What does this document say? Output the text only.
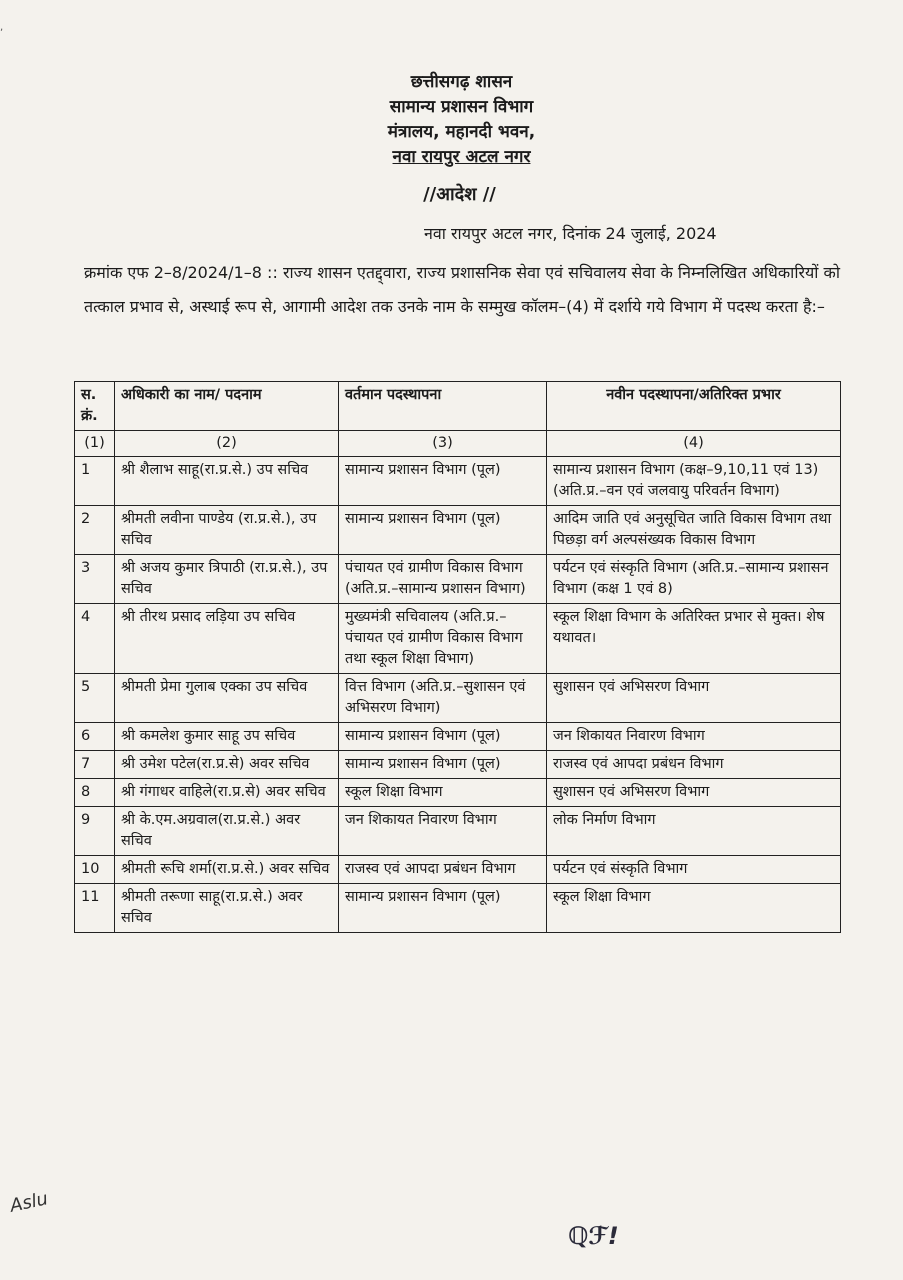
,
छत्तीसगढ़ शासन
सामान्य प्रशासन विभाग
मंत्रालय, महानदी भवन,
नवा रायपुर अटल नगर
//आदेश //
नवा रायपुर अटल नगर, दिनांक 24 जुलाई, 2024
क्रमांक एफ 2–8/2024/1–8 :: राज्य शासन एतद्द्वारा, राज्य प्रशासनिक सेवा एवं सचिवालय सेवा के निम्नलिखित अधिकारियों को तत्काल प्रभाव से, अस्थाई रूप से, आगामी आदेश तक उनके नाम के सम्मुख कॉलम–(4) में दर्शाये गये विभाग में पदस्थ करता है:–
स. क्रं.	अधिकारी का नाम/ पदनाम	वर्तमान पदस्थापना	नवीन पदस्थापना/अतिरिक्त प्रभार
(1)	(2)	(3)	(4)
1	श्री शैलाभ साहू(रा.प्र.से.) उप सचिव	सामान्य प्रशासन विभाग (पूल)	सामान्य प्रशासन विभाग (कक्ष–9,10,11 एवं 13) (अति.प्र.–वन एवं जलवायु परिवर्तन विभाग)
2	श्रीमती लवीना पाण्डेय (रा.प्र.से.), उप सचिव	सामान्य प्रशासन विभाग (पूल)	आदिम जाति एवं अनुसूचित जाति विकास विभाग तथा पिछड़ा वर्ग अल्पसंख्यक विकास विभाग
3	श्री अजय कुमार त्रिपाठी (रा.प्र.से.), उप सचिव	पंचायत एवं ग्रामीण विकास विभाग (अति.प्र.–सामान्य प्रशासन विभाग)	पर्यटन एवं संस्कृति विभाग (अति.प्र.–सामान्य प्रशासन विभाग (कक्ष 1 एवं 8)
4	श्री तीरथ प्रसाद लड़िया उप सचिव	मुख्यमंत्री सचिवालय (अति.प्र.–पंचायत एवं ग्रामीण विकास विभाग तथा स्कूल शिक्षा विभाग)	स्कूल शिक्षा विभाग के अतिरिक्त प्रभार से मुक्त। शेष यथावत।
5	श्रीमती प्रेमा गुलाब एक्का उप सचिव	वित्त विभाग (अति.प्र.–सुशासन एवं अभिसरण विभाग)	सुशासन एवं अभिसरण विभाग
6	श्री कमलेश कुमार साहू उप सचिव	सामान्य प्रशासन विभाग (पूल)	जन शिकायत निवारण विभाग
7	श्री उमेश पटेल(रा.प्र.से) अवर सचिव	सामान्य प्रशासन विभाग (पूल)	राजस्व एवं आपदा प्रबंधन विभाग
8	श्री गंगाधर वाहिले(रा.प्र.से) अवर सचिव	स्कूल शिक्षा विभाग	सुशासन एवं अभिसरण विभाग
9	श्री के.एम.अग्रवाल(रा.प्र.से.) अवर सचिव	जन शिकायत निवारण विभाग	लोक निर्माण विभाग
10	श्रीमती रूचि शर्मा(रा.प्र.से.) अवर सचिव	राजस्व एवं आपदा प्रबंधन विभाग	पर्यटन एवं संस्कृति विभाग
11	श्रीमती तरूणा साहू(रा.प्र.से.) अवर सचिव	सामान्य प्रशासन विभाग (पूल)	स्कूल शिक्षा विभाग
Aslu
ℚℱ!
